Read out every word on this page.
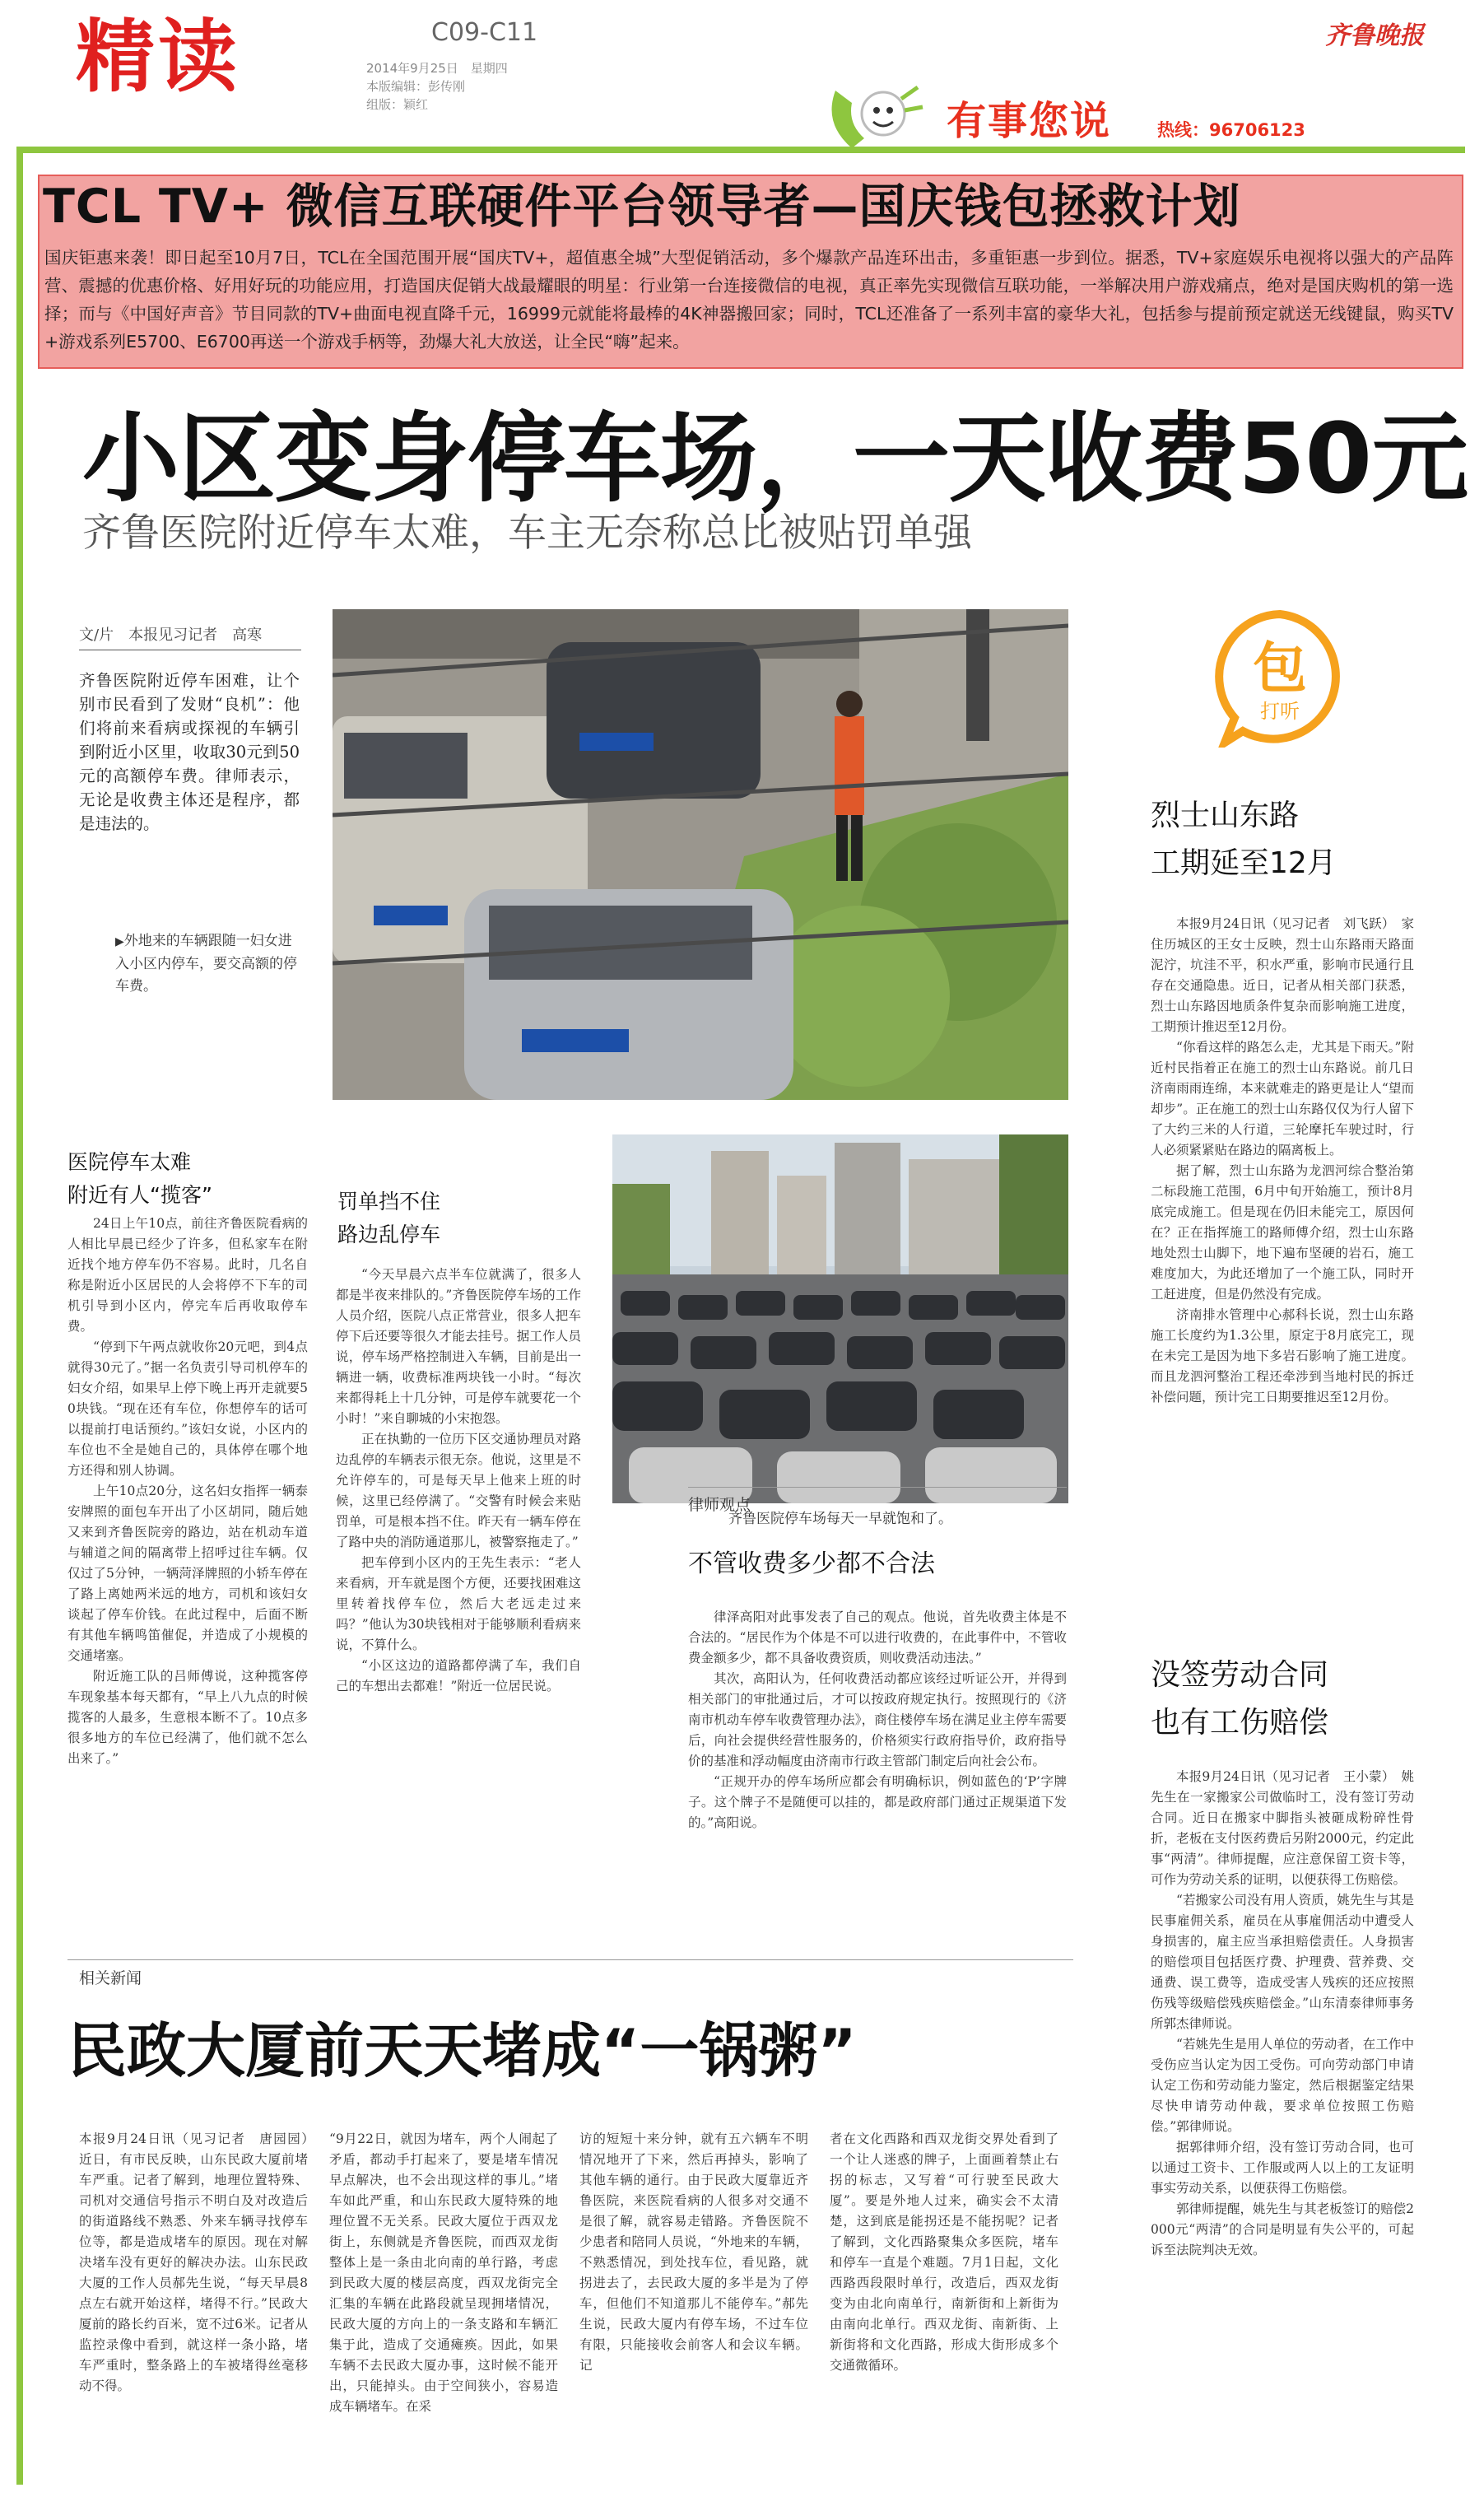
精读	C09-C11
2014年9月25日　星期四
本版编辑：彭传刚
组版：颖红
齐鲁晚报
有事您说	热线：96706123
TCL TV+ 微信互联硬件平台领导者—国庆钱包拯救计划
国庆钜惠来袭！即日起至10月7日，TCL在全国范围开展“国庆TV+，超值惠全城”大型促销活动，多个爆款产品连环出击，多重钜惠一步到位。据悉，TV+家庭娱乐电视将以强大的产品阵营、震撼的优惠价格、好用好玩的功能应用，打造国庆促销大战最耀眼的明星：行业第一台连接微信的电视，真正率先实现微信互联功能，一举解决用户游戏痛点，绝对是国庆购机的第一选择；而与《中国好声音》节目同款的TV+曲面电视直降千元，16999元就能将最棒的4K神器搬回家；同时，TCL还准备了一系列丰富的豪华大礼，包括参与提前预定就送无线键鼠，购买TV+游戏系列E5700、E6700再送一个游戏手柄等，劲爆大礼大放送，让全民“嗨”起来。
小区变身停车场，一天收费50元
齐鲁医院附近停车太难，车主无奈称总比被贴罚单强
文/片　本报见习记者　高寒
齐鲁医院附近停车困难，让个别市民看到了发财“良机”：他们将前来看病或探视的车辆引到附近小区里，收取30元到50元的高额停车费。律师表示，无论是收费主体还是程序，都是违法的。
▶外地来的车辆跟随一妇女进入小区内停车，要交高额的停车费。
齐鲁医院停车场每天一早就饱和了。
医院停车太难
附近有人“揽客”

24日上午10点，前往齐鲁医院看病的人相比早晨已经少了许多，但私家车在附近找个地方停车仍不容易。此时，几名自称是附近小区居民的人会将停不下车的司机引导到小区内，停完车后再收取停车费。

“停到下午两点就收你20元吧，到4点就得30元了。”据一名负责引导司机停车的妇女介绍，如果早上停下晚上再开走就要50块钱。“现在还有车位，你想停车的话可以提前打电话预约。”该妇女说，小区内的车位也不全是她自己的，具体停在哪个地方还得和别人协调。

上午10点20分，这名妇女指挥一辆泰安牌照的面包车开出了小区胡同，随后她又来到齐鲁医院旁的路边，站在机动车道与辅道之间的隔离带上招呼过往车辆。仅仅过了5分钟，一辆菏泽牌照的小轿车停在了路上离她两米远的地方，司机和该妇女谈起了停车价钱。在此过程中，后面不断有其他车辆鸣笛催促，并造成了小规模的交通堵塞。

附近施工队的吕师傅说，这种揽客停车现象基本每天都有，“早上八九点的时候揽客的人最多，生意根本断不了。10点多很多地方的车位已经满了，他们就不怎么出来了。”

罚单挡不住
路边乱停车

“今天早晨六点半车位就满了，很多人都是半夜来排队的。”齐鲁医院停车场的工作人员介绍，医院八点正常营业，很多人把车停下后还要等很久才能去挂号。据工作人员说，停车场严格控制进入车辆，目前是出一辆进一辆，收费标准两块钱一小时。“每次来都得耗上十几分钟，可是停车就要花一个小时！”来自聊城的小宋抱怨。

正在执勤的一位历下区交通协理员对路边乱停的车辆表示很无奈。他说，这里是不允许停车的，可是每天早上他来上班的时候，这里已经停满了。“交警有时候会来贴罚单，可是根本挡不住。昨天有一辆车停在了路中央的消防通道那儿，被警察拖走了。”

把车停到小区内的王先生表示：“老人来看病，开车就是图个方便，还要找困难这里转着找停车位，然后大老远走过来吗？”他认为30块钱相对于能够顺利看病来说，不算什么。

“小区这边的道路都停满了车，我们自己的车想出去都难！”附近一位居民说。

律师观点
不管收费多少都不合法

律泽高阳对此事发表了自己的观点。他说，首先收费主体是不合法的。“居民作为个体是不可以进行收费的，在此事件中，不管收费金额多少，都不具备收费资质，则收费活动违法。”

其次，高阳认为，任何收费活动都应该经过听证公开，并得到相关部门的审批通过后，才可以按政府规定执行。按照现行的《济南市机动车停车收费管理办法》，商住楼停车场在满足业主停车需要后，向社会提供经营性服务的，价格须实行政府指导价，政府指导价的基准和浮动幅度由济南市行政主管部门制定后向社会公布。

“正规开办的停车场所应都会有明确标识，例如蓝色的‘P’字牌子。这个牌子不是随便可以挂的，都是政府部门通过正规渠道下发的。”高阳说。

相关新闻
民政大厦前天天堵成“一锅粥”
本报9月24日讯（见习记者　唐园园）　近日，有市民反映，山东民政大厦前堵车严重。记者了解到，地理位置特殊、司机对交通信号指示不明白及对改造后的街道路线不熟悉、外来车辆寻找停车位等，都是造成堵车的原因。现在对解决堵车没有更好的解决办法。山东民政大厦的工作人员郝先生说，“每天早晨8点左右就开始这样，堵得不行。”民政大厦前的路长约百米，宽不过6米。记者从监控录像中看到，就这样一条小路，堵车严重时，整条路上的车被堵得丝毫移动不得。
“9月22日，就因为堵车，两个人闹起了矛盾，都动手打起来了，要是堵车情况早点解决，也不会出现这样的事儿。”堵车如此严重，和山东民政大厦特殊的地理位置不无关系。民政大厦位于西双龙街上，东侧就是齐鲁医院，而西双龙街整体上是一条由北向南的单行路，考虑到民政大厦的楼层高度，西双龙街完全汇集的车辆在此路段就呈现拥堵情况，民政大厦的方向上的一条支路和车辆汇集于此，造成了交通瘫痪。因此，如果车辆不去民政大厦办事，这时候不能开出，只能掉头。由于空间狭小，容易造成车辆堵车。在采
访的短短十来分钟，就有五六辆车不明情况地开了下来，然后再掉头，影响了其他车辆的通行。由于民政大厦靠近齐鲁医院，来医院看病的人很多对交通不是很了解，就容易走错路。齐鲁医院不少患者和陪同人员说，“外地来的车辆，不熟悉情况，到处找车位，看见路，就拐进去了，去民政大厦的多半是为了停车，但他们不知道那儿不能停车。”郝先生说，民政大厦内有停车场，不过车位有限，只能接收会前客人和会议车辆。记
者在文化西路和西双龙街交界处看到了一个让人迷惑的牌子，上面画着禁止右拐的标志，又写着“可行驶至民政大厦”。要是外地人过来，确实会不太清楚，这到底是能拐还是不能拐呢？记者了解到，文化西路聚集众多医院，堵车和停车一直是个难题。7月1日起，文化西路西段限时单行，改造后，西双龙街变为由北向南单行，南新街和上新街为由南向北单行。西双龙街、南新街、上新街将和文化西路，形成大街形成多个交通微循环。
包
打听
烈士山东路
工期延至12月

本报9月24日讯（见习记者　刘飞跃）　家住历城区的王女士反映，烈士山东路雨天路面泥泞，坑洼不平，积水严重，影响市民通行且存在交通隐患。近日，记者从相关部门获悉，烈士山东路因地质条件复杂而影响施工进度，工期预计推迟至12月份。

“你看这样的路怎么走，尤其是下雨天。”附近村民指着正在施工的烈士山东路说。前几日济南雨雨连绵，本来就难走的路更是让人“望而却步”。正在施工的烈士山东路仅仅为行人留下了大约三米的人行道，三轮摩托车驶过时，行人必须紧紧贴在路边的隔离板上。

据了解，烈士山东路为龙泗河综合整治第二标段施工范围，6月中旬开始施工，预计8月底完成施工。但是现在仍旧未能完工，原因何在？正在指挥施工的路师傅介绍，烈士山东路地处烈士山脚下，地下遍布坚硬的岩石，施工难度加大，为此还增加了一个施工队，同时开工赶进度，但是仍然没有完成。

济南排水管理中心郝科长说，烈士山东路施工长度约为1.3公里，原定于8月底完工，现在未完工是因为地下多岩石影响了施工进度。而且龙泗河整治工程还牵涉到当地村民的拆迁补偿问题，预计完工日期要推迟至12月份。

没签劳动合同
也有工伤赔偿

本报9月24日讯（见习记者　王小蒙）　姚先生在一家搬家公司做临时工，没有签订劳动合同。近日在搬家中脚指头被砸成粉碎性骨折，老板在支付医药费后另附2000元，约定此事“两清”。律师提醒，应注意保留工资卡等，可作为劳动关系的证明，以便获得工伤赔偿。

“若搬家公司没有用人资质，姚先生与其是民事雇佣关系，雇员在从事雇佣活动中遭受人身损害的，雇主应当承担赔偿责任。人身损害的赔偿项目包括医疗费、护理费、营养费、交通费、误工费等，造成受害人残疾的还应按照伤残等级赔偿残疾赔偿金。”山东清泰律师事务所郭杰律师说。

“若姚先生是用人单位的劳动者，在工作中受伤应当认定为因工受伤。可向劳动部门申请认定工伤和劳动能力鉴定，然后根据鉴定结果尽快申请劳动仲裁，要求单位按照工伤赔偿。”郭律师说。

据郭律师介绍，没有签订劳动合同，也可以通过工资卡、工作服或两人以上的工友证明事实劳动关系，以便获得工伤赔偿。

郭律师提醒，姚先生与其老板签订的赔偿2000元“两清”的合同是明显有失公平的，可起诉至法院判决无效。
